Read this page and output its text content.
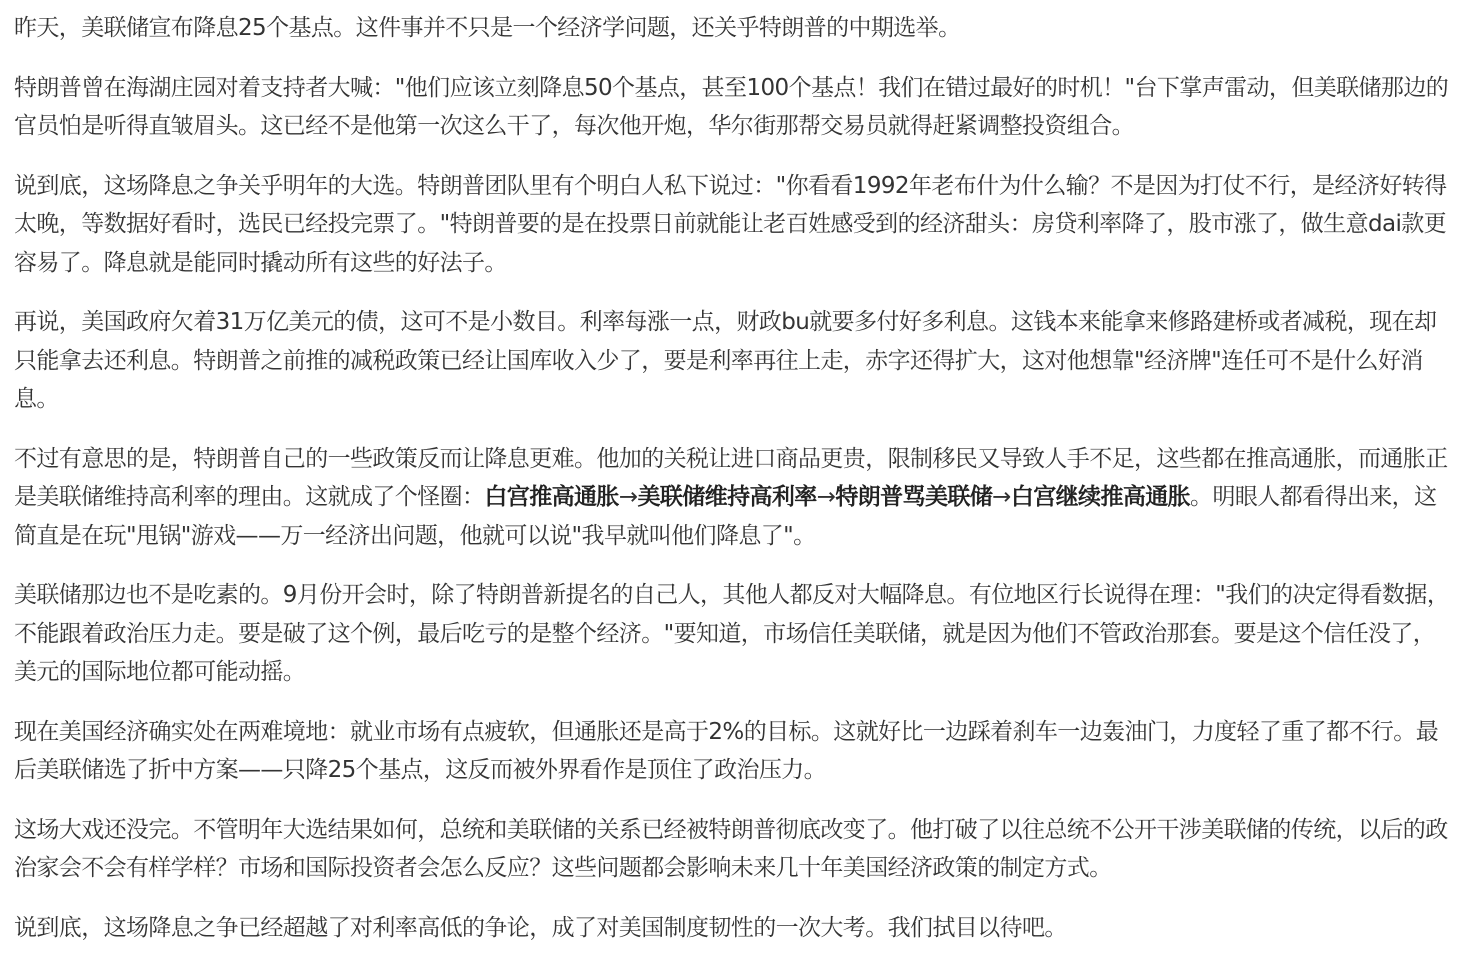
昨天，美联储宣布降息25个基点。这件事并不只是一个经济学问题，还关乎特朗普的中期选举。

特朗普曾在海湖庄园对着支持者大喊："他们应该立刻降息50个基点，甚至100个基点！我们在错过最好的时机！"台下掌声雷动，但美联储那边的官员怕是听得直皱眉头。这已经不是他第一次这么干了，每次他开炮，华尔街那帮交易员就得赶紧调整投资组合。

说到底，这场降息之争关乎明年的大选。特朗普团队里有个明白人私下说过："你看看1992年老布什为什么输？不是因为打仗不行，是经济好转得太晚，等数据好看时，选民已经投完票了。"特朗普要的是在投票日前就能让老百姓感受到的经济甜头：房贷利率降了，股市涨了，做生意dai款更容易了。降息就是能同时撬动所有这些的好法子。

再说，美国政府欠着31万亿美元的债，这可不是小数目。利率每涨一点，财政bu就要多付好多利息。这钱本来能拿来修路建桥或者减税，现在却只能拿去还利息。特朗普之前推的减税政策已经让国库收入少了，要是利率再往上走，赤字还得扩大，这对他想靠"经济牌"连任可不是什么好消息。

不过有意思的是，特朗普自己的一些政策反而让降息更难。他加的关税让进口商品更贵，限制移民又导致人手不足，这些都在推高通胀，而通胀正是美联储维持高利率的理由。这就成了个怪圈：白宫推高通胀→美联储维持高利率→特朗普骂美联储→白宫继续推高通胀。明眼人都看得出来，这简直是在玩"甩锅"游戏——万一经济出问题，他就可以说"我早就叫他们降息了"。

美联储那边也不是吃素的。9月份开会时，除了特朗普新提名的自己人，其他人都反对大幅降息。有位地区行长说得在理："我们的决定得看数据，不能跟着政治压力走。要是破了这个例，最后吃亏的是整个经济。"要知道，市场信任美联储，就是因为他们不管政治那套。要是这个信任没了，美元的国际地位都可能动摇。

现在美国经济确实处在两难境地：就业市场有点疲软，但通胀还是高于2%的目标。这就好比一边踩着刹车一边轰油门，力度轻了重了都不行。最后美联储选了折中方案——只降25个基点，这反而被外界看作是顶住了政治压力。

这场大戏还没完。不管明年大选结果如何，总统和美联储的关系已经被特朗普彻底改变了。他打破了以往总统不公开干涉美联储的传统，以后的政治家会不会有样学样？市场和国际投资者会怎么反应？这些问题都会影响未来几十年美国经济政策的制定方式。

说到底，这场降息之争已经超越了对利率高低的争论，成了对美国制度韧性的一次大考。我们拭目以待吧。
